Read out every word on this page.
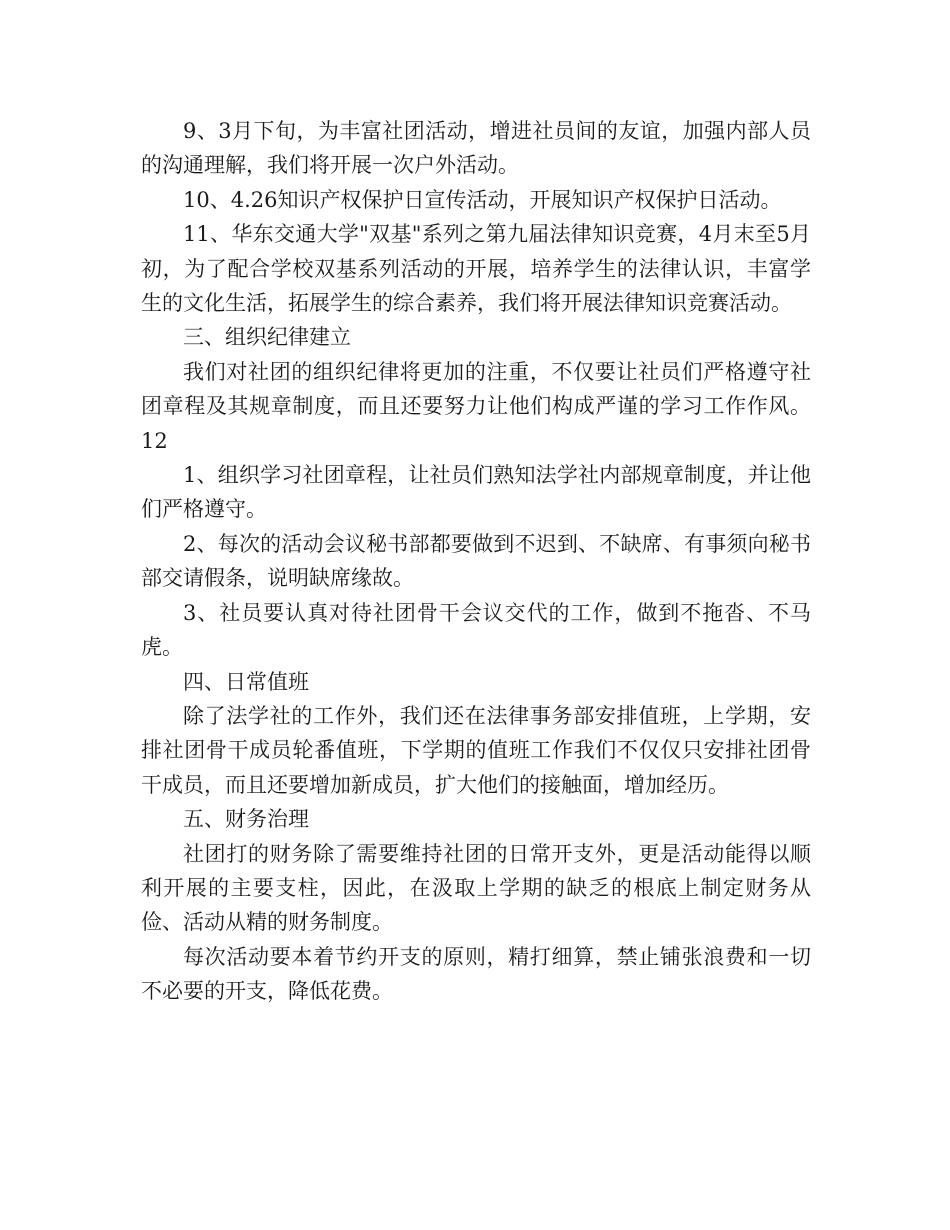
9、3月下旬，为丰富社团活动，增进社员间的友谊，加强内部人员的沟通理解，我们将开展一次户外活动。

10、4.26知识产权保护日宣传活动，开展知识产权保护日活动。

11、华东交通大学"双基"系列之第九届法律知识竞赛，4月末至5月初，为了配合学校双基系列活动的开展，培养学生的法律认识，丰富学生的文化生活，拓展学生的综合素养，我们将开展法律知识竞赛活动。

三、组织纪律建立

我们对社团的组织纪律将更加的注重，不仅要让社员们严格遵守社团章程及其规章制度，而且还要努力让他们构成严谨的学习工作作风。12

1、组织学习社团章程，让社员们熟知法学社内部规章制度，并让他们严格遵守。

2、每次的活动会议秘书部都要做到不迟到、不缺席、有事须向秘书部交请假条，说明缺席缘故。

3、社员要认真对待社团骨干会议交代的工作，做到不拖沓、不马虎。

四、日常值班

除了法学社的工作外，我们还在法律事务部安排值班，上学期，安排社团骨干成员轮番值班，下学期的值班工作我们不仅仅只安排社团骨干成员，而且还要增加新成员，扩大他们的接触面，增加经历。

五、财务治理

社团打的财务除了需要维持社团的日常开支外，更是活动能得以顺利开展的主要支柱，因此，在汲取上学期的缺乏的根底上制定财务从俭、活动从精的财务制度。

每次活动要本着节约开支的原则，精打细算，禁止铺张浪费和一切不必要的开支，降低花费。
